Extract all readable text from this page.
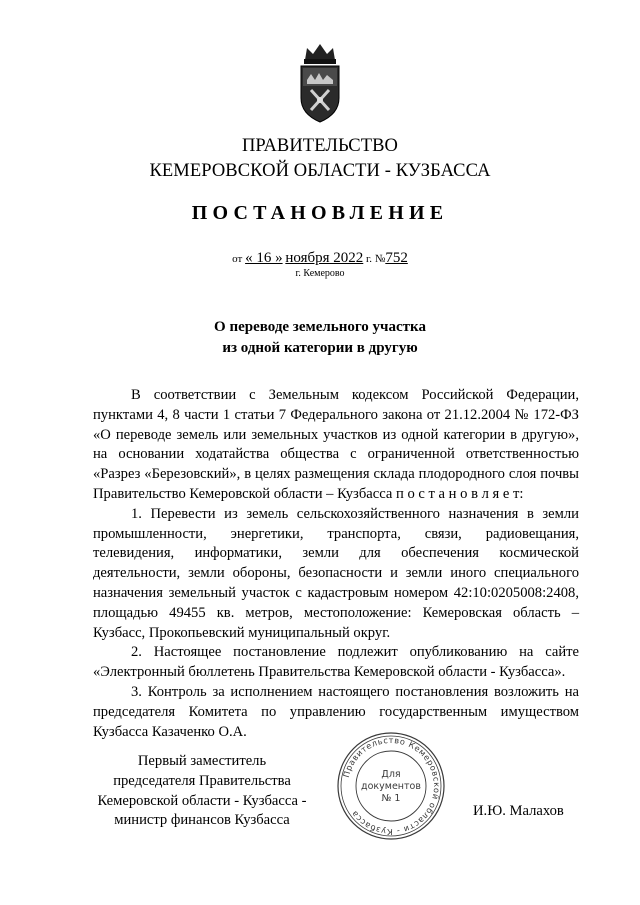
ПРАВИТЕЛЬСТВО
КЕМЕРОВСКОЙ ОБЛАСТИ - КУЗБАССА
ПОСТАНОВЛЕНИЕ
от « 16 » ноября 2022 г. №752
г. Кемерово
О переводе земельного участка
из одной категории в другую

В соответствии с Земельным кодексом Российской Федерации, пунктами 4, 8 части 1 статьи 7 Федерального закона от 21.12.2004 № 172-ФЗ «О переводе земель или земельных участков из одной категории в другую», на основании ходатайства общества с ограниченной ответственностью «Разрез «Березовский», в целях размещения склада плодородного слоя почвы Правительство Кемеровской области – Кузбасса п о с т а н о в л я е т:

1. Перевести из земель сельскохозяйственного назначения в земли промышленности, энергетики, транспорта, связи, радиовещания, телевидения, информатики, земли для обеспечения космической деятельности, земли обороны, безопасности и земли иного специального назначения земельный участок с кадастровым номером 42:10:0205008:2408, площадью 49455 кв. метров, местоположение: Кемеровская область – Кузбасс, Прокопьевский муниципальный округ.

2. Настоящее постановление подлежит опубликованию на сайте «Электронный бюллетень Правительства Кемеровской области - Кузбасса».

3. Контроль за исполнением настоящего постановления возложить на председателя Комитета по управлению государственным имуществом Кузбасса Казаченко О.А.

Первый заместитель
председателя Правительства
Кемеровской области - Кузбасса -
министр финансов Кузбасса
Правительство Кемеровской области - Кузбасса
Для
документов
№ 1
И.Ю. Малахов
